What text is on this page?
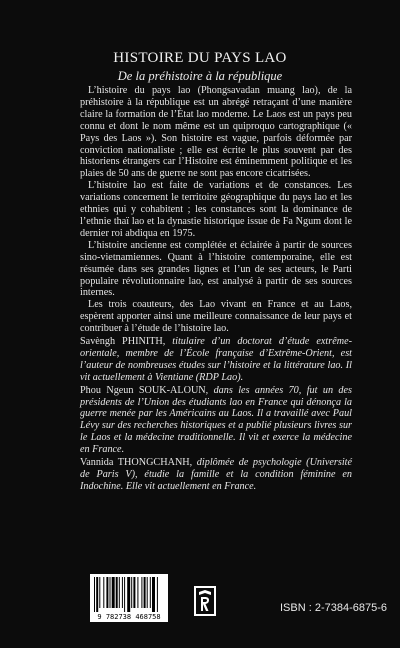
HISTOIRE DU PAYS LAO
De la préhistoire à la république

L’histoire du pays lao (Phongsavadan muang lao), de la préhistoire à la république est un abrégé retraçant d’une manière claire la formation de l’État lao moderne. Le Laos est un pays peu connu et dont le nom même est un quiproquo cartographique (« Pays des Laos »). Son histoire est vague, parfois déformée par conviction nationaliste ; elle est écrite le plus souvent par des historiens étrangers car l’Histoire est éminemment politique et les plaies de 50 ans de guerre ne sont pas encore cicatrisées.

L’histoire lao est faite de variations et de constances. Les variations concernent le territoire géographique du pays lao et les ethnies qui y cohabitent ; les constances sont la dominance de l’ethnie thaï lao et la dynastie historique issue de Fa Ngum dont le dernier roi abdiqua en 1975.

L’histoire ancienne est complétée et éclairée à partir de sources sino-vietnamiennes. Quant à l’histoire contemporaine, elle est résumée dans ses grandes lignes et l’un de ses acteurs, le Parti populaire révolutionnaire lao, est analysé à partir de ses sources internes.

Les trois coauteurs, des Lao vivant en France et au Laos, espèrent apporter ainsi une meilleure connaissance de leur pays et contribuer à l’étude de l’histoire lao.

Savèngh PHINITH, titulaire d’un doctorat d’étude extrême-orientale, membre de l’École française d’Extrême-Orient, est l’auteur de nombreuses études sur l’histoire et la littérature lao. Il vit actuellement à Vientiane (RDP Lao).

Phou Ngeun SOUK-ALOUN, dans les années 70, fut un des présidents de l’Union des étudiants lao en France qui dénonça la guerre menée par les Américains au Laos. Il a travaillé avec Paul Lévy sur des recherches historiques et a publié plusieurs livres sur le Laos et la médecine traditionnelle. Il vit et exerce la médecine en France.

Vannida THONGCHANH, diplômée de psychologie (Université de Paris V), étudie la famille et la condition féminine en Indochine. Elle vit actuellement en France.

9 782738 468758
ISBN : 2-7384-6875-6
